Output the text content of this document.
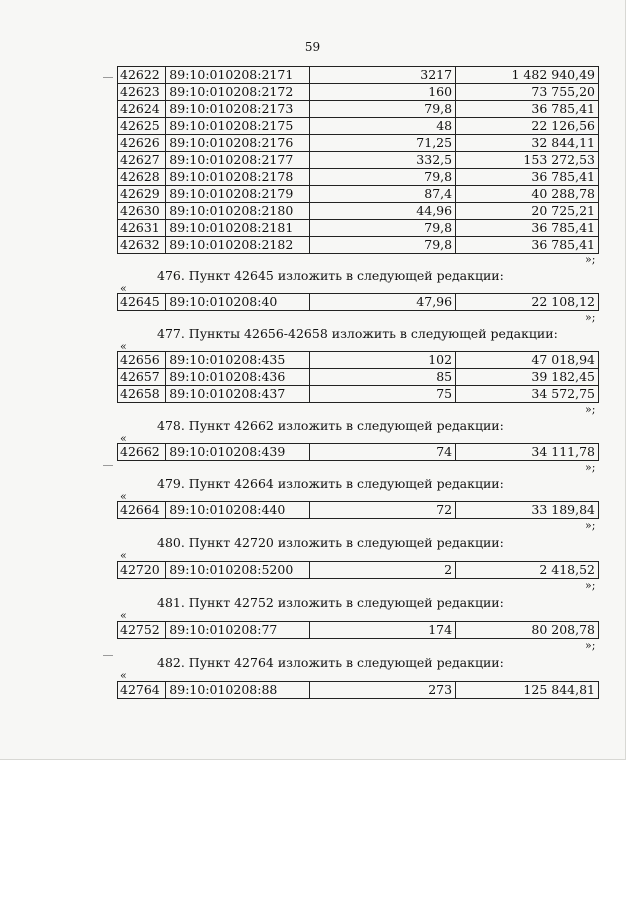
59
42622	89:10:010208:2171	3217	1 482 940,49
42623	89:10:010208:2172	160	73 755,20
42624	89:10:010208:2173	79,8	36 785,41
42625	89:10:010208:2175	48	22 126,56
42626	89:10:010208:2176	71,25	32 844,11
42627	89:10:010208:2177	332,5	153 272,53
42628	89:10:010208:2178	79,8	36 785,41
42629	89:10:010208:2179	87,4	40 288,78
42630	89:10:010208:2180	44,96	20 725,21
42631	89:10:010208:2181	79,8	36 785,41
42632	89:10:010208:2182	79,8	36 785,41
»;
476. Пункт 42645 изложить в следующей редакции:
«
42645	89:10:010208:40	47,96	22 108,12
»;
477. Пункты 42656-42658 изложить в следующей редакции:
«
42656	89:10:010208:435	102	47 018,94
42657	89:10:010208:436	85	39 182,45
42658	89:10:010208:437	75	34 572,75
»;
478. Пункт 42662 изложить в следующей редакции:
«
42662	89:10:010208:439	74	34 111,78
»;
479. Пункт 42664 изложить в следующей редакции:
«
42664	89:10:010208:440	72	33 189,84
»;
480. Пункт 42720 изложить в следующей редакции:
«
42720	89:10:010208:5200	2	2 418,52
»;
481. Пункт 42752 изложить в следующей редакции:
«
42752	89:10:010208:77	174	80 208,78
»;
482. Пункт 42764 изложить в следующей редакции:
«
42764	89:10:010208:88	273	125 844,81
